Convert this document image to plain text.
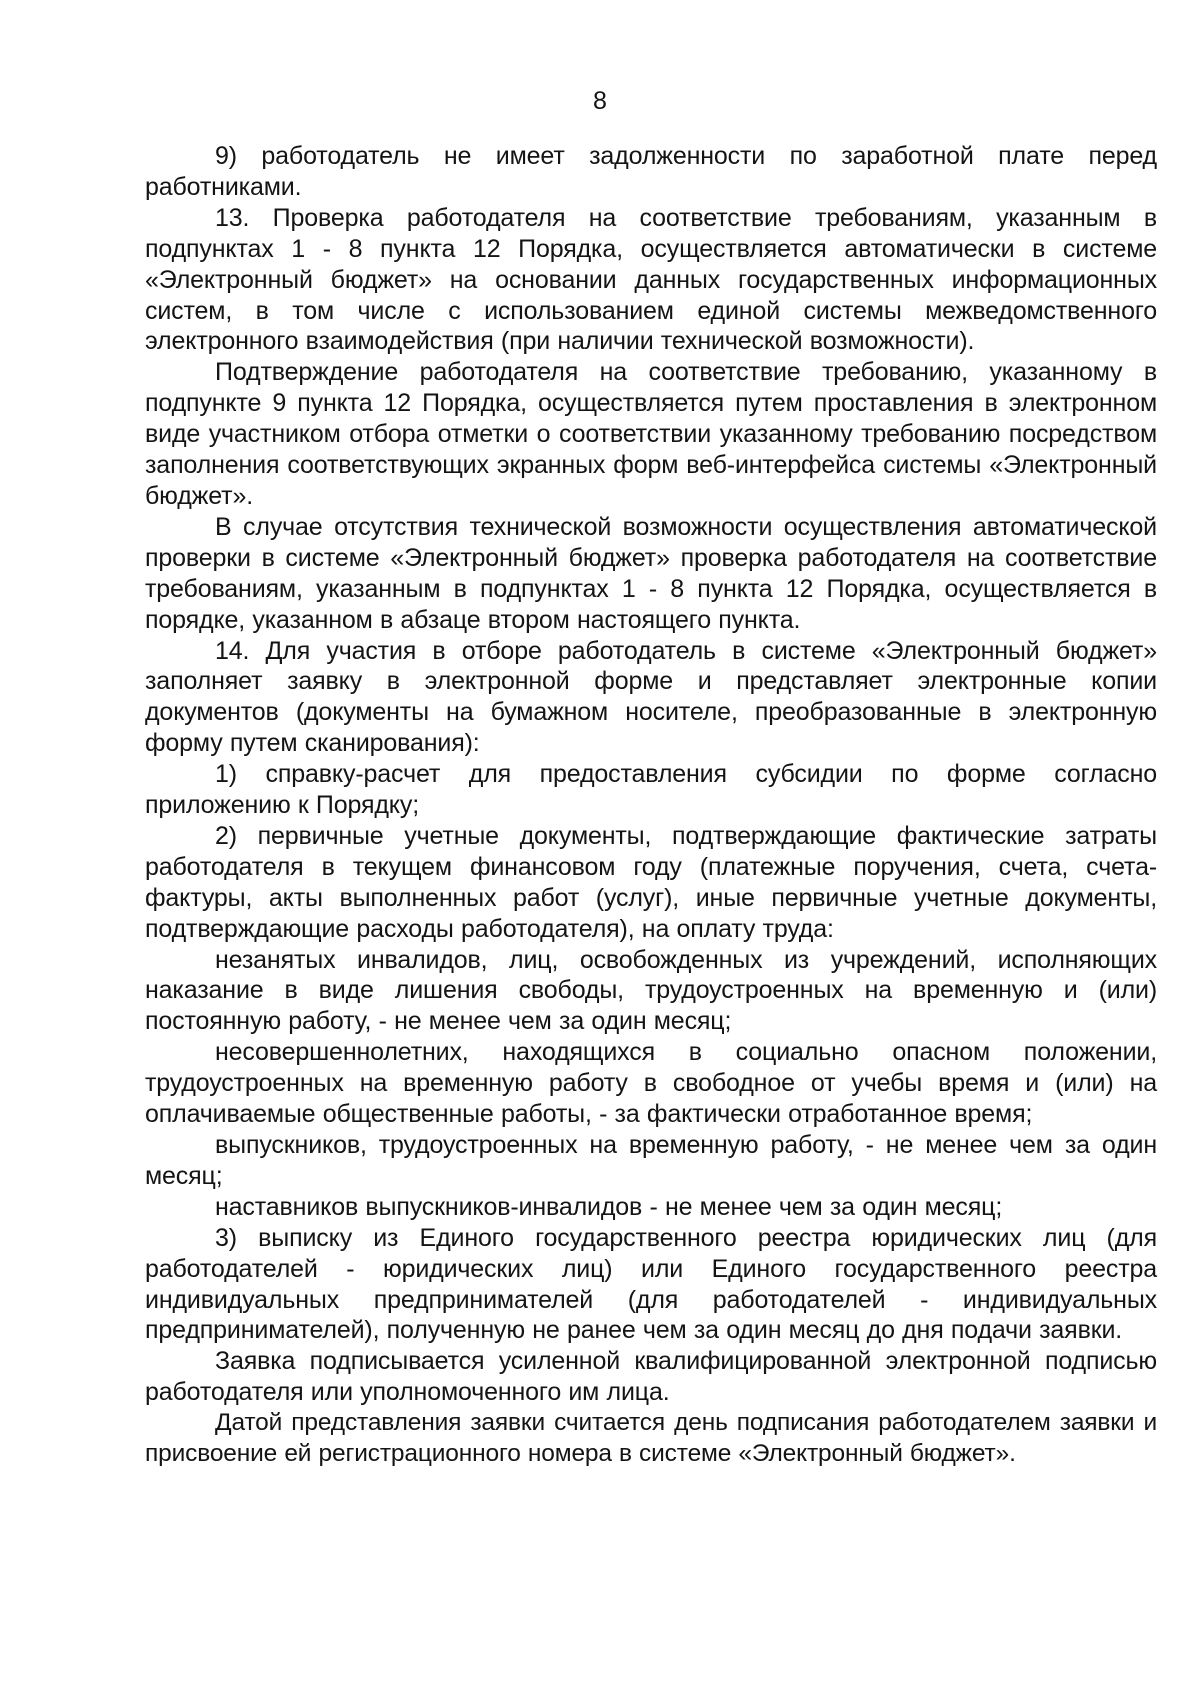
8

9) работодатель не имеет задолженности по заработной плате перед работниками.

13. Проверка работодателя на соответствие требованиям, указанным в подпунктах 1 - 8 пункта 12 Порядка, осуществляется автоматически в системе «Электронный бюджет» на основании данных государственных информационных систем, в том числе с использованием единой системы межведомственного электронного взаимодействия (при наличии технической возможности).

Подтверждение работодателя на соответствие требованию, указанному в подпункте 9 пункта 12 Порядка, осуществляется путем проставления в электронном виде участником отбора отметки о соответствии указанному требованию посредством заполнения соответствующих экранных форм веб-интерфейса системы «Электронный бюджет».

В случае отсутствия технической возможности осуществления автоматической проверки в системе «Электронный бюджет» проверка работодателя на соответствие требованиям, указанным в подпунктах 1 - 8 пункта 12 Порядка, осуществляется в порядке, указанном в абзаце втором настоящего пункта.

14. Для участия в отборе работодатель в системе «Электронный бюджет» заполняет заявку в электронной форме и представляет электронные копии документов (документы на бумажном носителе, преобразованные в электронную форму путем сканирования):

1) справку-расчет для предоставления субсидии по форме согласно приложению к Порядку;

2) первичные учетные документы, подтверждающие фактические затраты работодателя в текущем финансовом году (платежные поручения, счета, счета-фактуры, акты выполненных работ (услуг), иные первичные учетные документы, подтверждающие расходы работодателя), на оплату труда:

незанятых инвалидов, лиц, освобожденных из учреждений, исполняющих наказание в виде лишения свободы, трудоустроенных на временную и (или) постоянную работу, - не менее чем за один месяц;

несовершеннолетних, находящихся в социально опасном положении, трудоустроенных на временную работу в свободное от учебы время и (или) на оплачиваемые общественные работы, - за фактически отработанное время;

выпускников, трудоустроенных на временную работу, - не менее чем за один месяц;

наставников выпускников-инвалидов - не менее чем за один месяц;

3) выписку из Единого государственного реестра юридических лиц (для работодателей - юридических лиц) или Единого государственного реестра индивидуальных предпринимателей (для работодателей - индивидуальных предпринимателей), полученную не ранее чем за один месяц до дня подачи заявки.

Заявка подписывается усиленной квалифицированной электронной подписью работодателя или уполномоченного им лица.

Датой представления заявки считается день подписания работодателем заявки и присвоение ей регистрационного номера в системе «Электронный бюджет».
